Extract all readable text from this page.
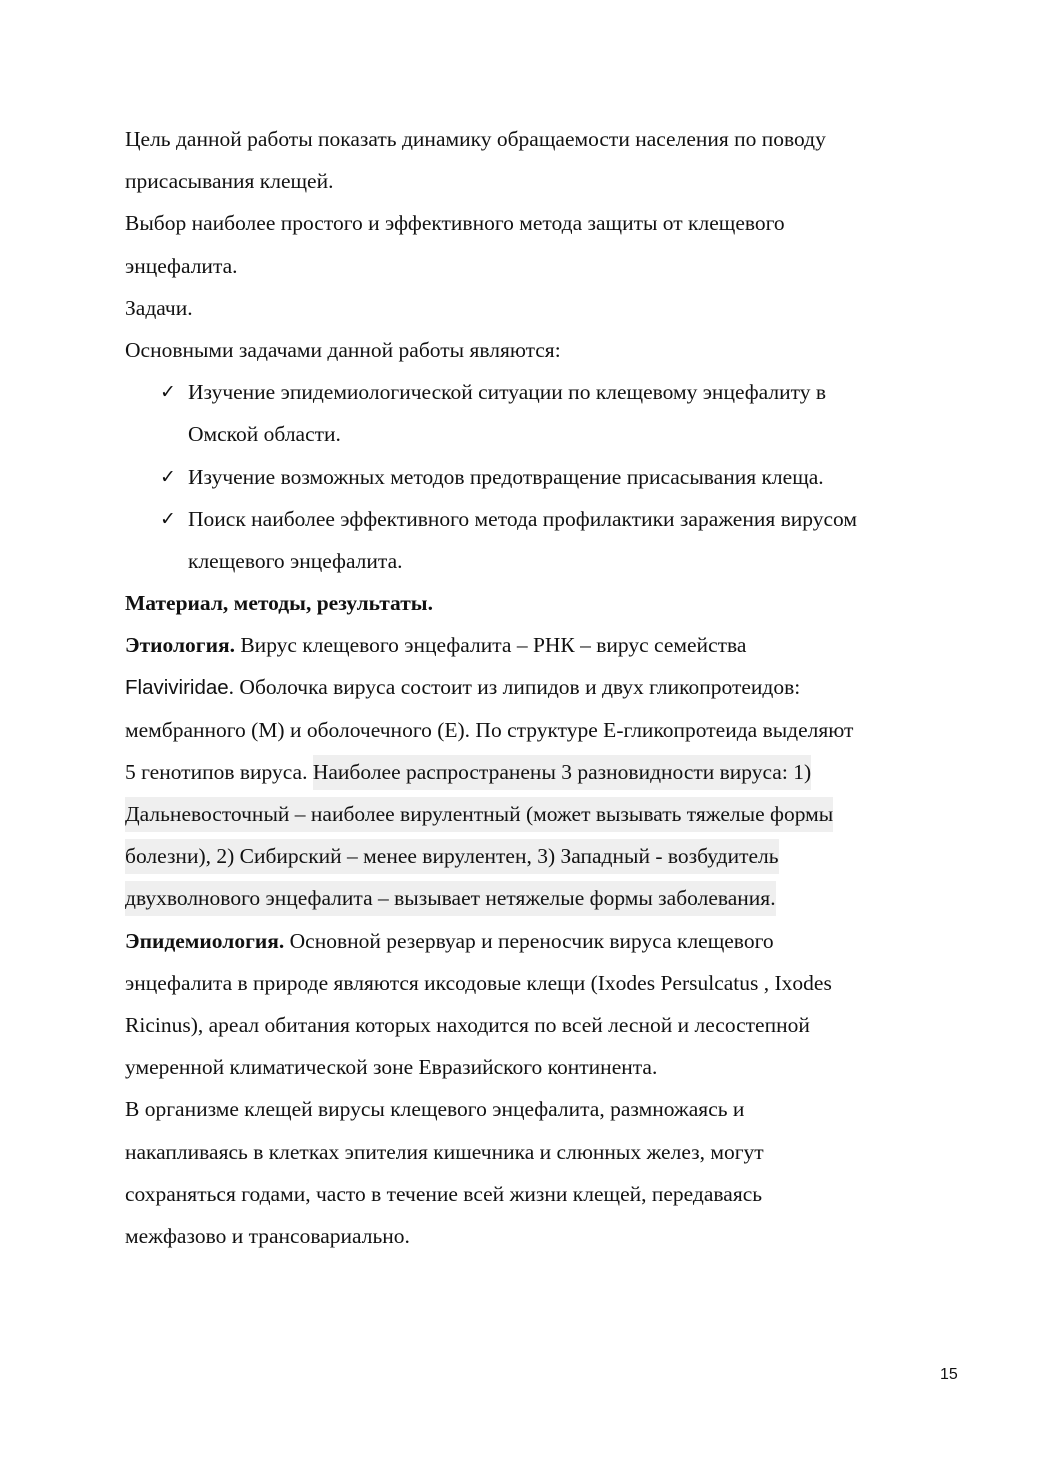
Цель данной работы показать динамику обращаемости населения по поводу
присасывания клещей.
Выбор наиболее простого и эффективного метода защиты от клещевого
энцефалита.
Задачи.
Основными задачами данной работы являются:
✓ Изучение эпидемиологической ситуации по клещевому энцефалиту в
Омской области.
✓ Изучение возможных методов предотвращение присасывания клеща.
✓ Поиск наиболее эффективного метода профилактики заражения вирусом
клещевого энцефалита.
Материал, методы, результаты.
Этиология. Вирус клещевого энцефалита – РНК – вирус семейства
Flaviviridae. Оболочка вируса состоит из липидов и двух гликопротеидов:
мембранного (М) и оболочечного (Е). По структуре Е-гликопротеида выделяют
5 генотипов вируса. Наиболее распространены 3 разновидности вируса: 1)
Дальневосточный – наиболее вирулентный (может вызывать тяжелые формы
болезни), 2) Сибирский – менее вирулентен, 3) Западный - возбудитель
двухволнового энцефалита – вызывает нетяжелые формы заболевания.
Эпидемиология. Основной резервуар и переносчик вируса клещевого
энцефалита в природе являются иксодовые клещи (Ixodes Persulcatus , Ixodes
Ricinus), ареал обитания которых находится по всей лесной и лесостепной
умеренной климатической зоне Евразийского континента.
В организме клещей вирусы клещевого энцефалита, размножаясь и
накапливаясь в клетках эпителия кишечника и слюнных желез, могут
сохраняться годами, часто в течение всей жизни клещей, передаваясь
межфазово и трансовариально.
15
